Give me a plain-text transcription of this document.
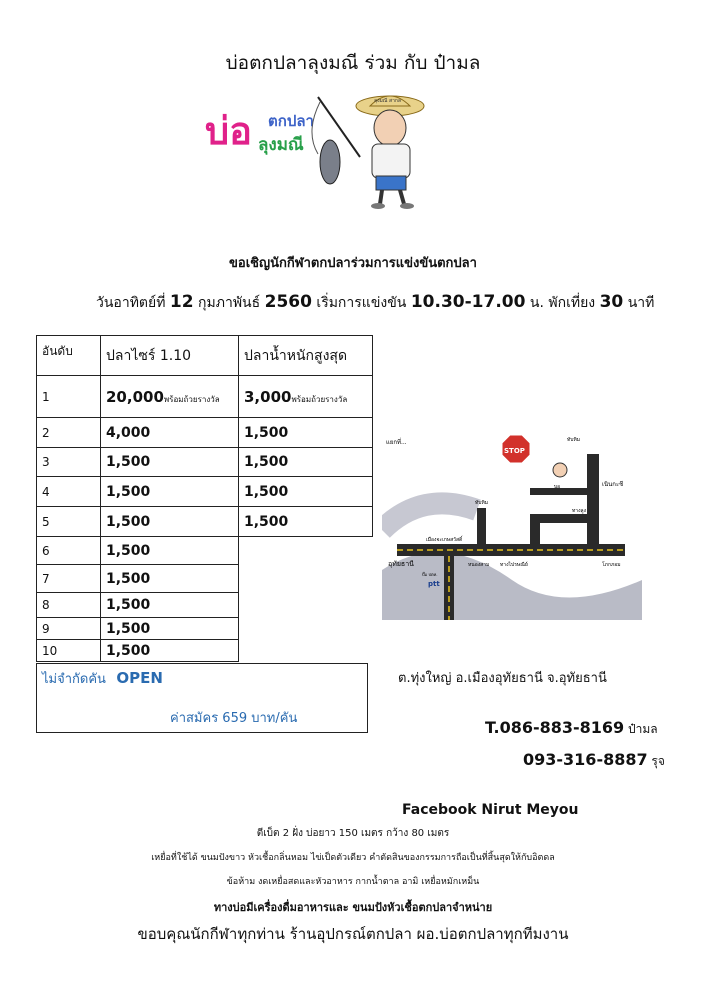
บ่อตกปลาลุงมณี ร่วม กับ ป๋ามล
บ่อ ตกปลา
ลุงมณี
ลุงมณี สากล
ขอเชิญนักกีฬาตกปลาร่วมการแข่งขันตกปลา
วันอาทิตย์ที่ 12 กุมภาพันธ์ 2560 เริ่มการแข่งขัน 10.30-17.00 น. พักเที่ยง 30 นาที
อันดับ	ปลาไซร์ 1.10	ปลาน้ำหนักสูงสุด
1	20,000พร้อมถ้วยรางวัล	3,000พร้อมถ้วยรางวัล
2	4,000	1,500
3	1,500	1,500
4	1,500	1,500
5	1,500	1,500
6	1,500	
7	1,500	
8	1,500	
9	1,500	
10	1,500	
ไม่จำกัดคัน OPEN
ค่าสมัคร 659 บาท/คัน
STOP
แยกที่...	ทับทิม
ทับทิม
เนินกะชี
ทางลูง
เมืองจะเกษสวัสดิ์
อุทัยธานี	หนองสาม ทางไปรษณีย์	โภกภอม
ปั๊ม ปตท.
ptt
บอ
ต.ทุ่งใหญ่ อ.เมืองอุทัยธานี จ.อุทัยธานี
T.086-883-8169 ป๋ามล
093-316-8887 รุจ
Facebook Nirut Meyou
ตีเบ็ต 2 ฝั่ง บ่อยาว 150 เมตร กว้าง 80 เมตร
เหยื่อที่ใช้ได้ ขนมปังขาว หัวเชื้อกลิ่นหอม ไข่เป็ดตัวเดียว คำตัดสินของกรรมการถือเป็นที่สิ้นสุดให้กับอิตดล
ข้อห้าม งดเหยื่อสดและหัวอาหาร กากน้ำตาล อามิ เหยื่อหมักเหม็น
ทางบ่อมีเครื่องดื่มอาหารและ ขนมปังหัวเชื้อตกปลาจำหน่าย
ขอบคุณนักกีฬาทุกท่าน ร้านอุปกรณ์ตกปลา ผอ.บ่อตกปลาทุกทีมงาน
